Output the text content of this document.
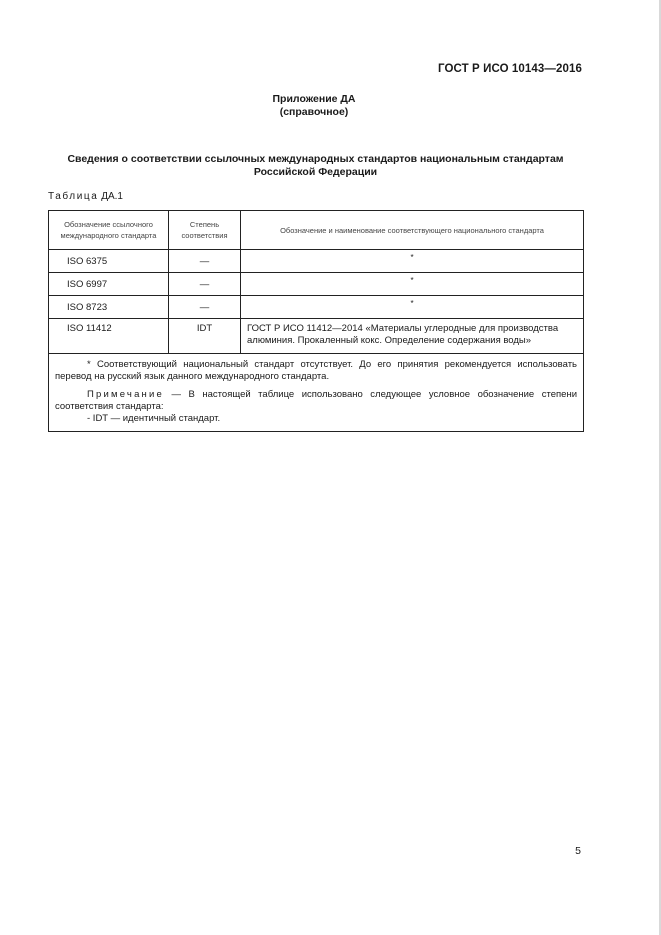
ГОСТ Р ИСО 10143—2016
Приложение ДА
(справочное)
Сведения о соответствии ссылочных международных стандартов национальным стандартам Российской Федерации
Таблица ДА.1
Обозначение ссылочного международного стандарта	Степень соответствия	Обозначение и наименование соответствующего национального стандарта
ISO 6375	—	*
ISO 6997	—	*
ISO 8723	—	*
ISO 11412	IDT	ГОСТ Р ИСО 11412—2014 «Материалы углеродные для производства алюминия. Прокаленный кокс. Определение содержания воды»

* Соответствующий национальный стандарт отсутствует. До его принятия рекомендуется использовать перевод на русский язык данного международного стандарта.

Примечание — В настоящей таблице использовано следующее условное обозначение степени соответствия стандарта:

- IDT — идентичный стандарт.		

5
